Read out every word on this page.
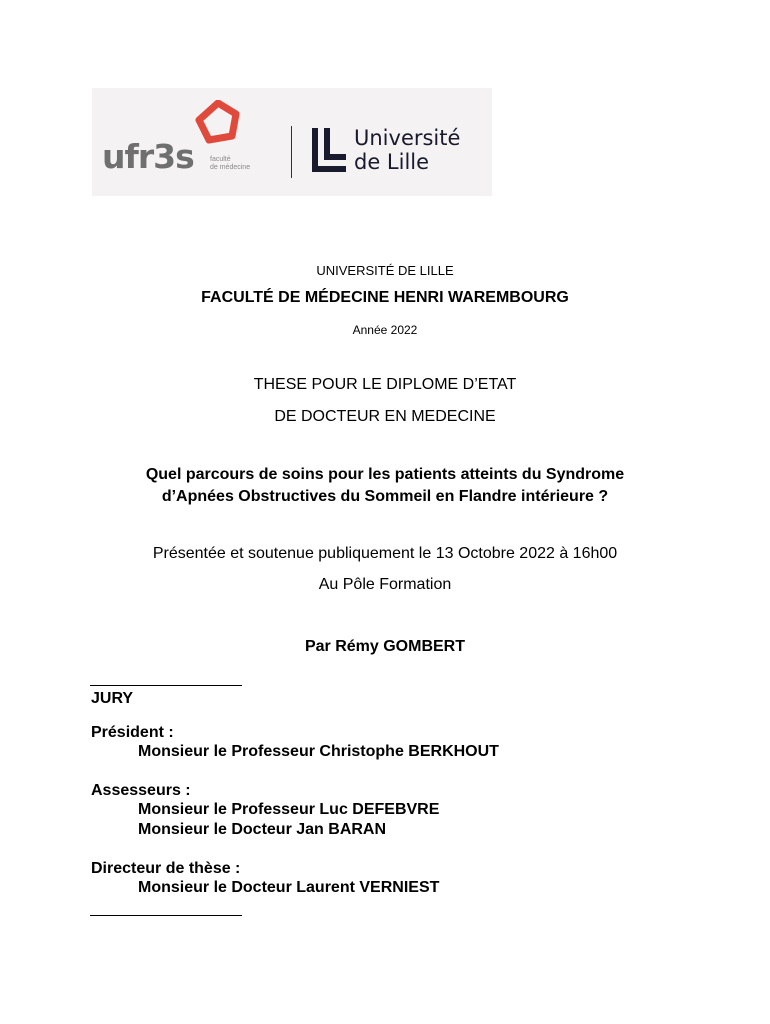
ufr3s faculté
de médecine
Université
de Lille
UNIVERSITÉ DE LILLE
FACULTÉ DE MÉDECINE HENRI WAREMBOURG
Année 2022
THESE POUR LE DIPLOME D’ETAT
DE DOCTEUR EN MEDECINE
Quel parcours de soins pour les patients atteints du Syndrome
d’Apnées Obstructives du Sommeil en Flandre intérieure ?
Présentée et soutenue publiquement le 13 Octobre 2022 à 16h00
Au Pôle Formation
Par Rémy GOMBERT
JURY
Président :
Monsieur le Professeur Christophe BERKHOUT
Assesseurs :
Monsieur le Professeur Luc DEFEBVRE
Monsieur le Docteur Jan BARAN
Directeur de thèse :
Monsieur le Docteur Laurent VERNIEST
